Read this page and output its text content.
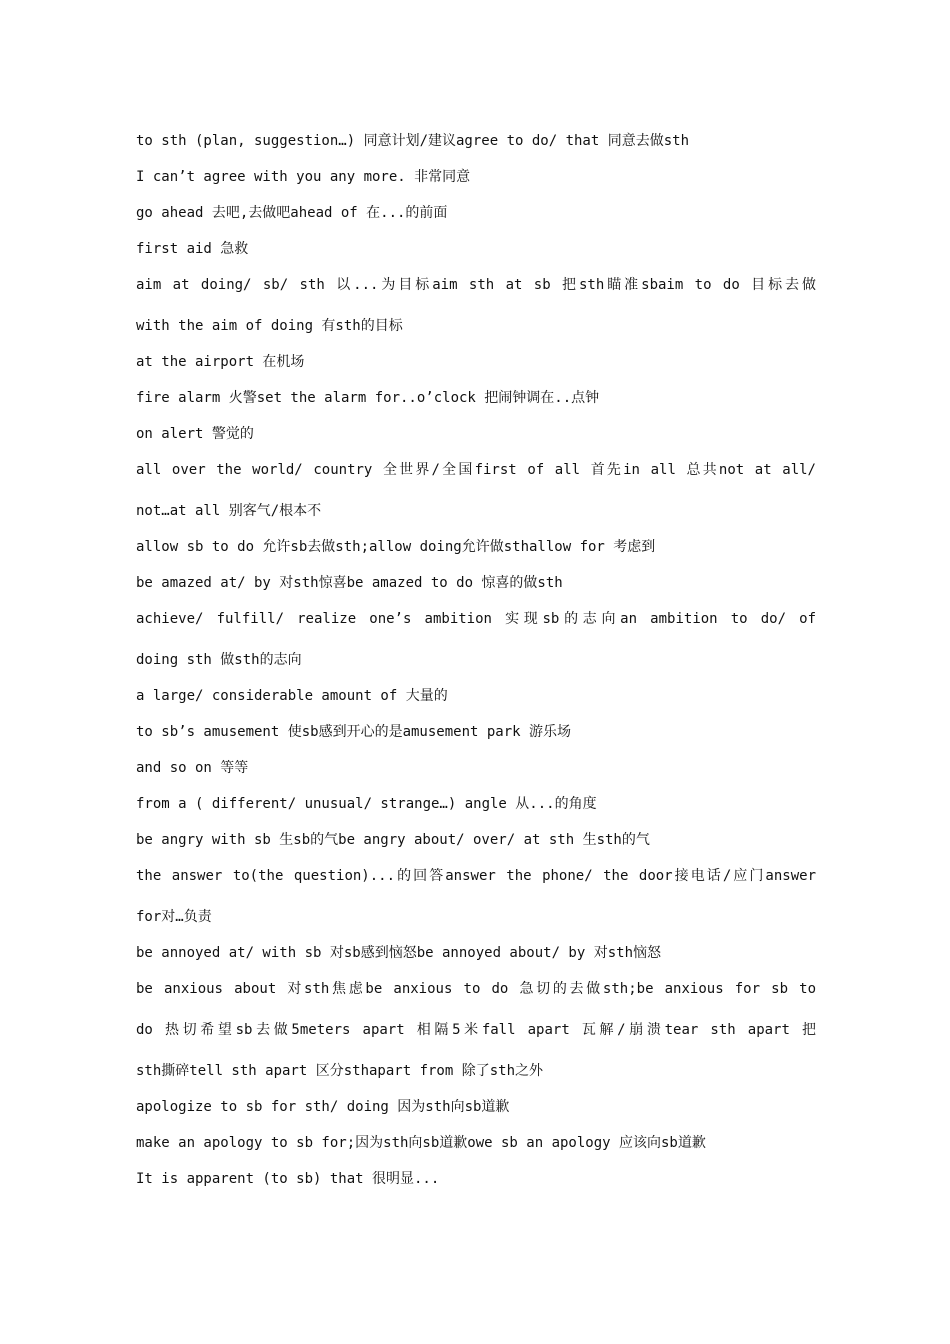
to sth (plan, suggestion…) 同意计划/建议agree to do/ that 同意去做sth
I can’t agree with you any more. 非常同意
go ahead 去吧,去做吧ahead of 在...的前面
first aid 急救
aim at doing/ sb/ sth 以...为目标aim sth at sb 把sth瞄准sbaim to do 目标去做
with the aim of doing 有sth的目标
at the airport 在机场
fire alarm 火警set the alarm for..o’clock 把闹钟调在..点钟
on alert 警觉的
all over the world/ country 全世界/全国first of all 首先in all 总共not at all/
not…at all 别客气/根本不
allow sb to do 允许sb去做sth;allow doing允许做sthallow for 考虑到
be amazed at/ by 对sth惊喜be amazed to do 惊喜的做sth
achieve/ fulfill/ realize one’s ambition 实现sb的志向an ambition to do/ of
doing sth 做sth的志向
a large/ considerable amount of 大量的
to sb’s amusement 使sb感到开心的是amusement park 游乐场
and so on 等等
from a ( different/ unusual/ strange…) angle 从...的角度
be angry with sb 生sb的气be angry about/ over/ at sth 生sth的气
the answer to(the question)...的回答answer the phone/ the door接电话/应门answer
for对…负责
be annoyed at/ with sb 对sb感到恼怒be annoyed about/ by 对sth恼怒
be anxious about 对sth焦虑be anxious to do 急切的去做sth;be anxious for sb to
do 热切希望sb去做5meters apart 相隔5米fall apart 瓦解/崩溃tear sth apart 把
sth撕碎tell sth apart 区分sthapart from 除了sth之外
apologize to sb for sth/ doing 因为sth向sb道歉
make an apology to sb for;因为sth向sb道歉owe sb an apology 应该向sb道歉
It is apparent (to sb) that 很明显...
